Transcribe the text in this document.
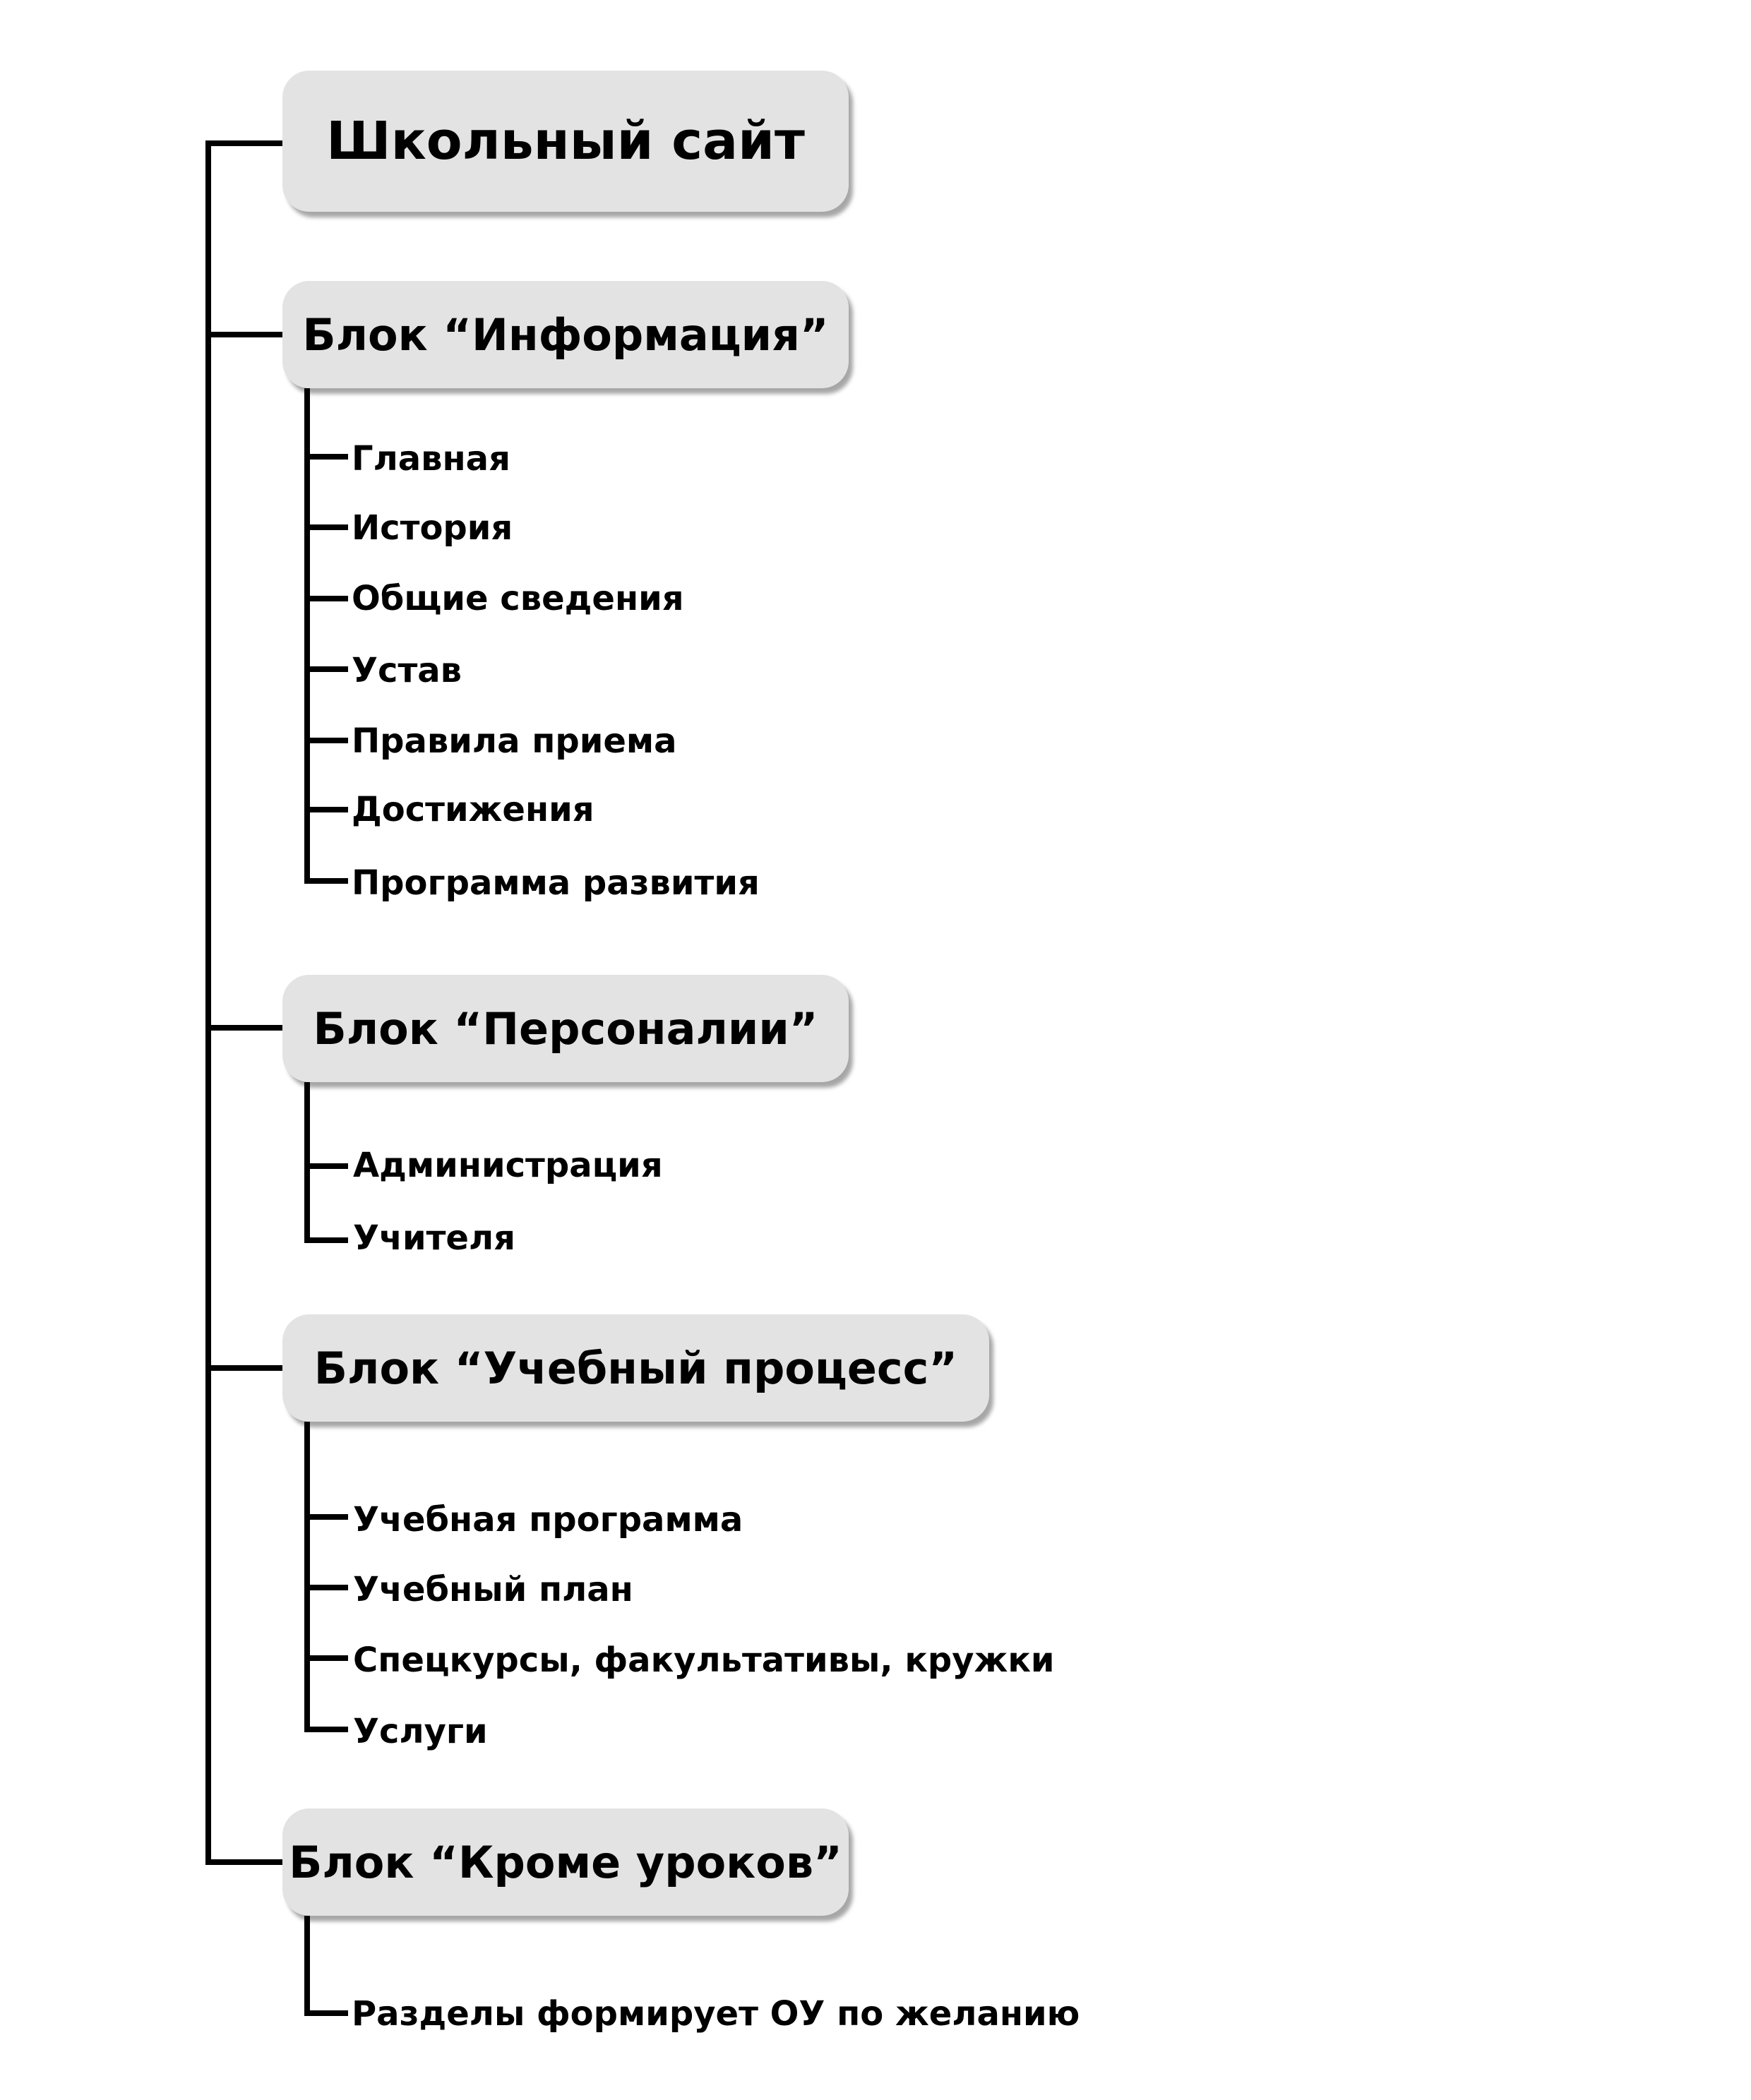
Школьный сайт
Блок “Информация”
Главная
История
Общие сведения
Устав
Правила приема
Достижения
Программа развития
Блок “Персоналии”
Администрация
Учителя
Блок “Учебный процесс”
Учебная программа
Учебный план
Спецкурсы, факультативы, кружки
Услуги
Блок “Кроме уроков”
Разделы формирует ОУ по желанию
